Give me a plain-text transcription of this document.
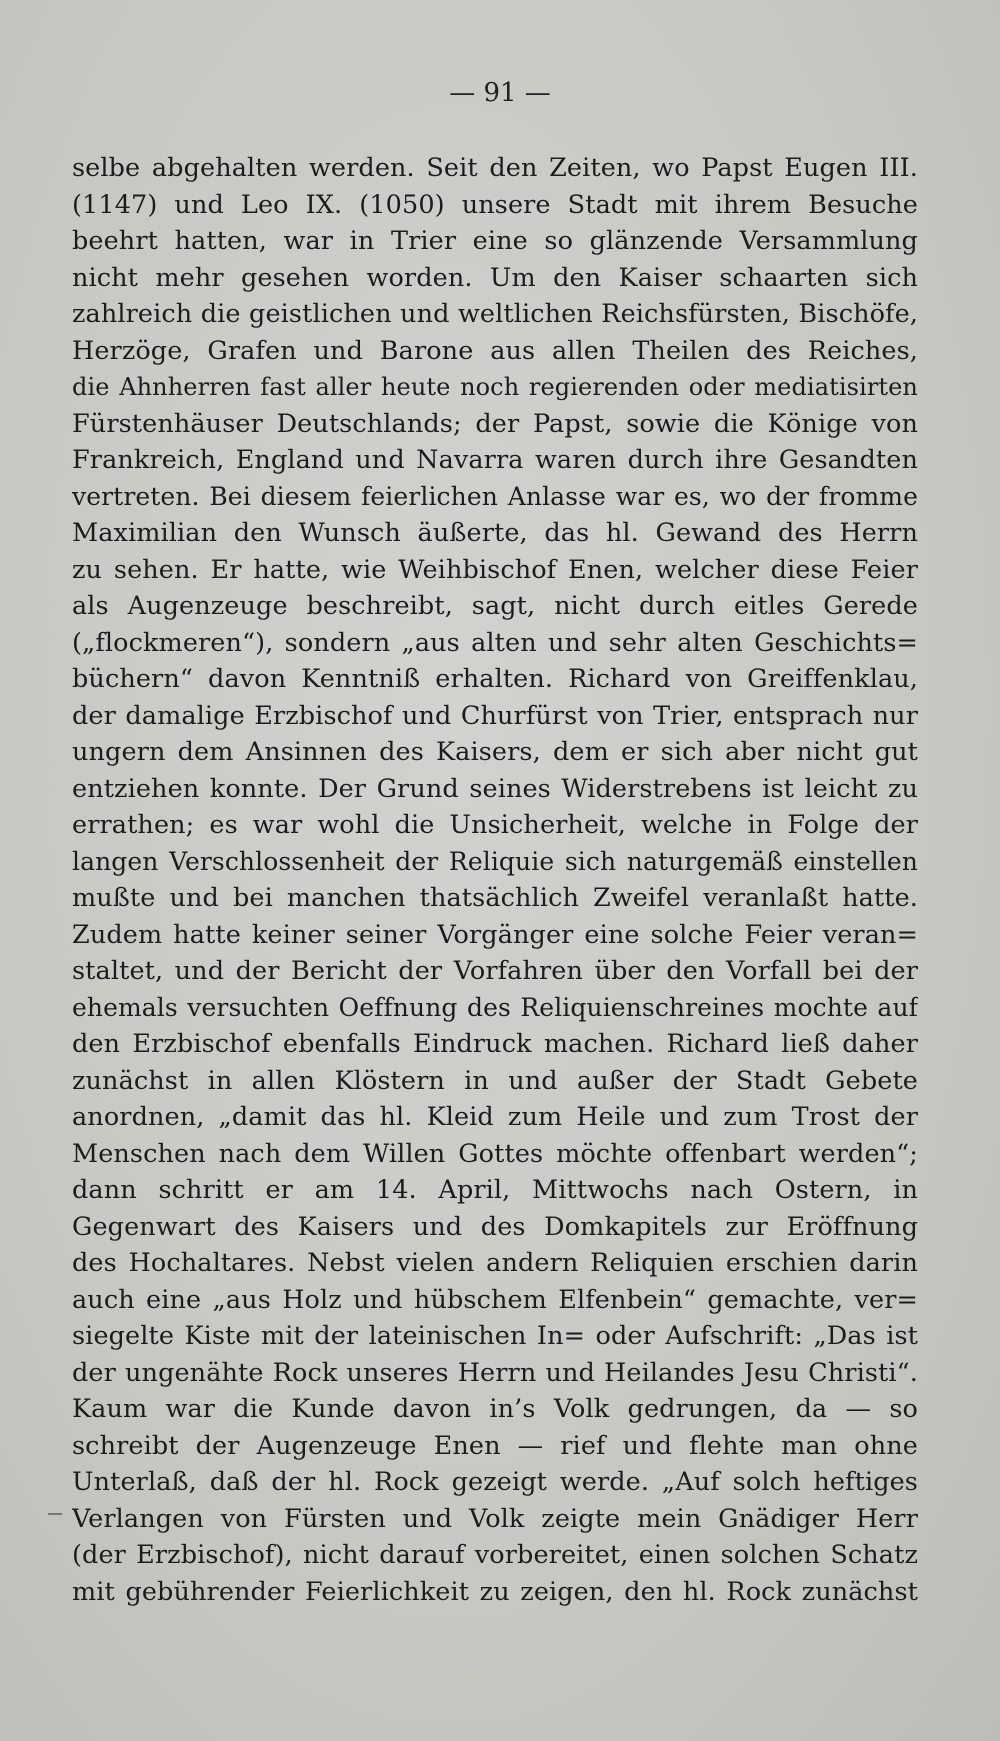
— 91 —
selbe abgehalten werden. Seit den Zeiten, wo Papst Eugen III.
(1147) und Leo IX. (1050) unsere Stadt mit ihrem Besuche
beehrt hatten, war in Trier eine so glänzende Versammlung
nicht mehr gesehen worden. Um den Kaiser schaarten sich
zahlreich die geistlichen und weltlichen Reichsfürsten, Bischöfe,
Herzöge, Grafen und Barone aus allen Theilen des Reiches,
die Ahnherren fast aller heute noch regierenden oder mediatisirten
Fürstenhäuser Deutschlands; der Papst, sowie die Könige von
Frankreich, England und Navarra waren durch ihre Gesandten
vertreten. Bei diesem feierlichen Anlasse war es, wo der fromme
Maximilian den Wunsch äußerte, das hl. Gewand des Herrn
zu sehen. Er hatte, wie Weihbischof Enen, welcher diese Feier
als Augenzeuge beschreibt, sagt, nicht durch eitles Gerede
(„flockmeren“), sondern „aus alten und sehr alten Geschichts=
büchern“ davon Kenntniß erhalten. Richard von Greiffenklau,
der damalige Erzbischof und Churfürst von Trier, entsprach nur
ungern dem Ansinnen des Kaisers, dem er sich aber nicht gut
entziehen konnte. Der Grund seines Widerstrebens ist leicht zu
errathen; es war wohl die Unsicherheit, welche in Folge der
langen Verschlossenheit der Reliquie sich naturgemäß einstellen
mußte und bei manchen thatsächlich Zweifel veranlaßt hatte.
Zudem hatte keiner seiner Vorgänger eine solche Feier veran=
staltet, und der Bericht der Vorfahren über den Vorfall bei der
ehemals versuchten Oeffnung des Reliquienschreines mochte auf
den Erzbischof ebenfalls Eindruck machen. Richard ließ daher
zunächst in allen Klöstern in und außer der Stadt Gebete
anordnen, „damit das hl. Kleid zum Heile und zum Trost der
Menschen nach dem Willen Gottes möchte offenbart werden“;
dann schritt er am 14. April, Mittwochs nach Ostern, in
Gegenwart des Kaisers und des Domkapitels zur Eröffnung
des Hochaltares. Nebst vielen andern Reliquien erschien darin
auch eine „aus Holz und hübschem Elfenbein“ gemachte, ver=
siegelte Kiste mit der lateinischen In= oder Aufschrift: „Das ist
der ungenähte Rock unseres Herrn und Heilandes Jesu Christi“.
Kaum war die Kunde davon in’s Volk gedrungen, da — so
schreibt der Augenzeuge Enen — rief und flehte man ohne
Unterlaß, daß der hl. Rock gezeigt werde. „Auf solch heftiges
Verlangen von Fürsten und Volk zeigte mein Gnädiger Herr
(der Erzbischof), nicht darauf vorbereitet, einen solchen Schatz
mit gebührender Feierlichkeit zu zeigen, den hl. Rock zunächst
